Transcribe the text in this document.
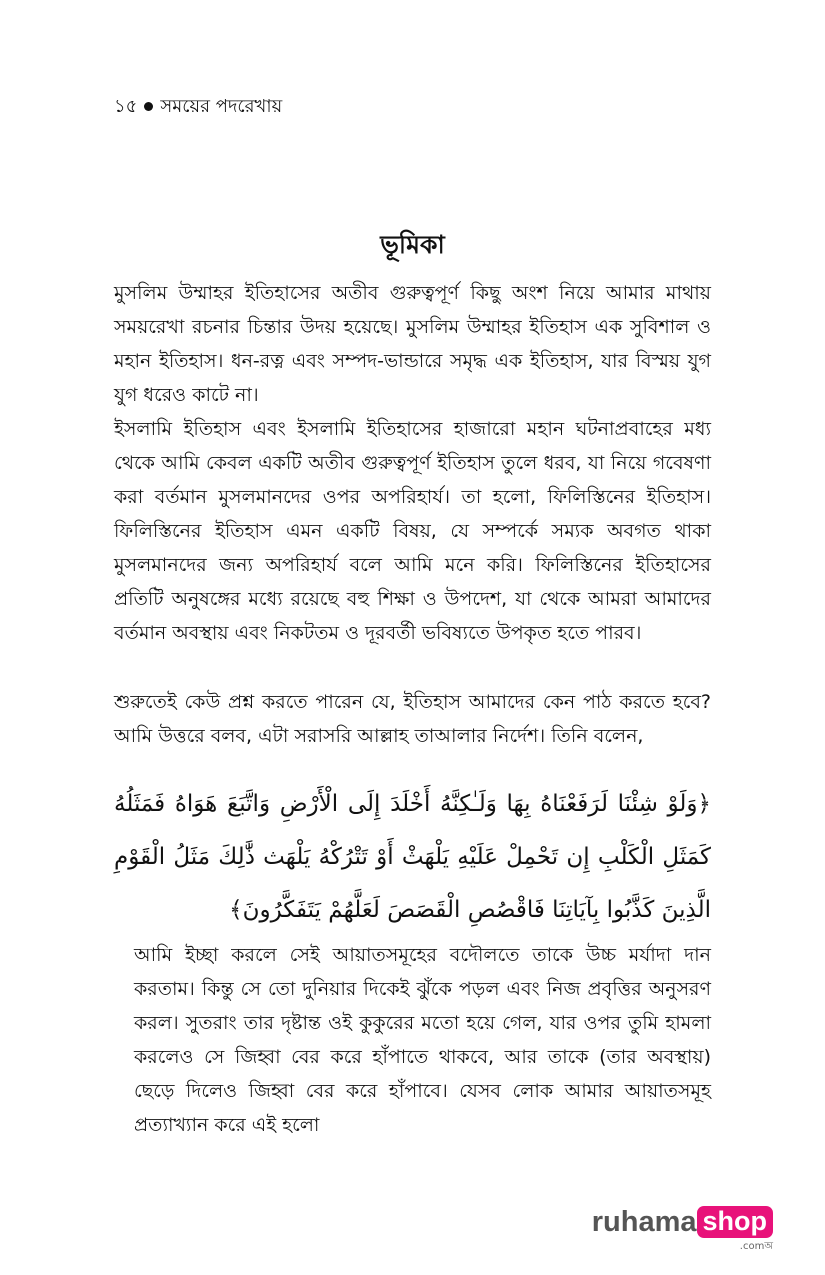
১৫ সময়ের পদরেখায়
ভূমিকা

মুসলিম উম্মাহর ইতিহাসের অতীব গুরুত্বপূর্ণ কিছু অংশ নিয়ে আমার মাথায় সময়রেখা রচনার চিন্তার উদয় হয়েছে। মুসলিম উম্মাহর ইতিহাস এক সুবিশাল ও মহান ইতিহাস। ধন-রত্ন এবং সম্পদ-ভান্ডারে সমৃদ্ধ এক ইতিহাস, যার বিস্ময় যুগ যুগ ধরেও কাটে না।

ইসলামি ইতিহাস এবং ইসলামি ইতিহাসের হাজারো মহান ঘটনাপ্রবাহের মধ্য থেকে আমি কেবল একটি অতীব গুরুত্বপূর্ণ ইতিহাস তুলে ধরব, যা নিয়ে গবেষণা করা বর্তমান মুসলমানদের ওপর অপরিহার্য। তা হলো, ফিলিস্তিনের ইতিহাস। ফিলিস্তিনের ইতিহাস এমন একটি বিষয়, যে সম্পর্কে সম্যক অবগত থাকা মুসলমানদের জন্য অপরিহার্য বলে আমি মনে করি। ফিলিস্তিনের ইতিহাসের প্রতিটি অনুষঙ্গের মধ্যে রয়েছে বহু শিক্ষা ও উপদেশ, যা থেকে আমরা আমাদের বর্তমান অবস্থায় এবং নিকটতম ও দূরবর্তী ভবিষ্যতে উপকৃত হতে পারব।

শুরুতেই কেউ প্রশ্ন করতে পারেন যে, ইতিহাস আমাদের কেন পাঠ করতে হবে? আমি উত্তরে বলব, এটা সরাসরি আল্লাহ তাআলার নির্দেশ। তিনি বলেন,

﴿وَلَوْ شِئْنَا لَرَفَعْنَاهُ بِهَا وَلَـٰكِنَّهُ أَخْلَدَ إِلَى الْأَرْضِ وَاتَّبَعَ هَوَاهُ فَمَثَلُهُ كَمَثَلِ الْكَلْبِ إِن تَحْمِلْ عَلَيْهِ يَلْهَثْ أَوْ تَتْرُكْهُ يَلْهَث ذَّٰلِكَ مَثَلُ الْقَوْمِ الَّذِينَ كَذَّبُوا بِآيَاتِنَا فَاقْصُصِ الْقَصَصَ لَعَلَّهُمْ يَتَفَكَّرُونَ﴾

আমি ইচ্ছা করলে সেই আয়াতসমূহের বদৌলতে তাকে উচ্চ মর্যাদা দান করতাম। কিন্তু সে তো দুনিয়ার দিকেই ঝুঁকে পড়ল এবং নিজ প্রবৃত্তির অনুসরণ করল। সুতরাং তার দৃষ্টান্ত ওই কুকুরের মতো হয়ে গেল, যার ওপর তুমি হামলা করলেও সে জিহ্বা বের করে হাঁপাতে থাকবে, আর তাকে (তার অবস্থায়) ছেড়ে দিলেও জিহ্বা বের করে হাঁপাবে। যেসব লোক আমার আয়াতসমূহ প্রত্যাখ্যান করে এই হলো

ruhama shop
.comঅ
